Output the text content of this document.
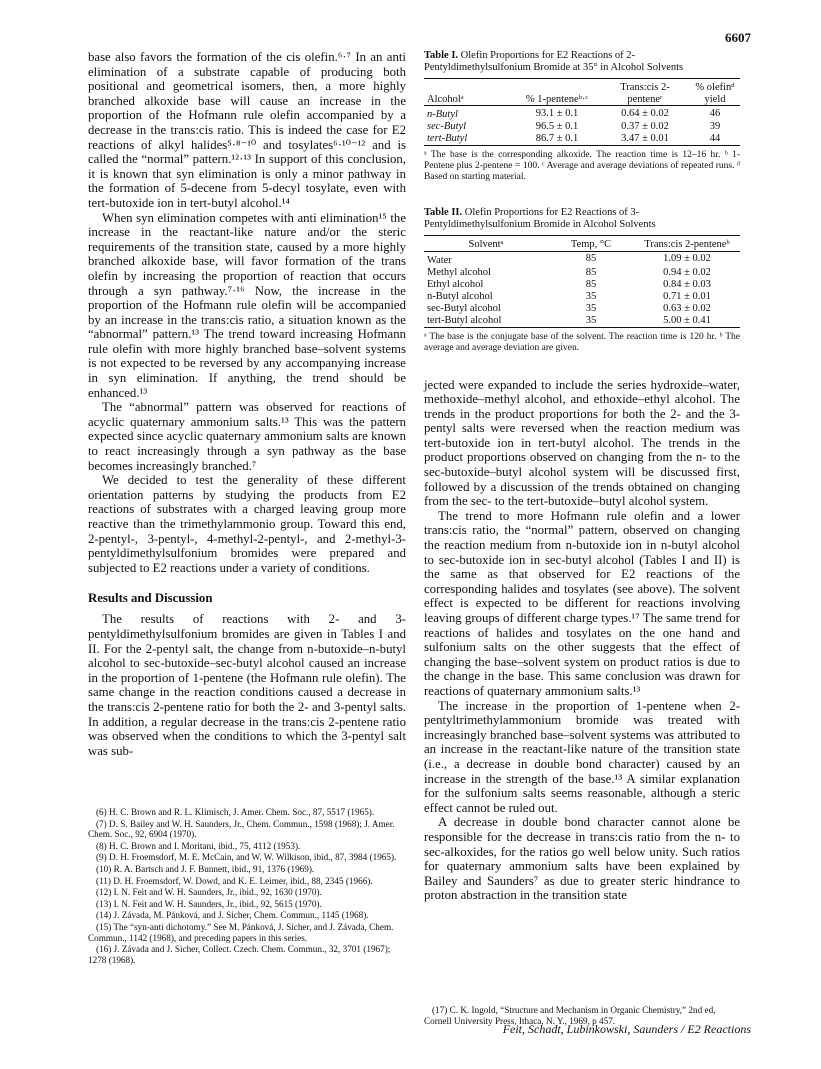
6607

base also favors the formation of the cis olefin.⁶·⁷ In an anti elimination of a substrate capable of producing both positional and geometrical isomers, then, a more highly branched alkoxide base will cause an increase in the proportion of the Hofmann rule olefin accompanied by a decrease in the trans:cis ratio. This is indeed the case for E2 reactions of alkyl halides⁵·⁸⁻¹⁰ and tosylates⁶·¹⁰⁻¹² and is called the “normal” pattern.¹²·¹³ In support of this conclusion, it is known that syn elimination is only a minor pathway in the formation of 5-decene from 5-decyl tosylate, even with tert-butoxide ion in tert-butyl alcohol.¹⁴

When syn elimination competes with anti elimination¹⁵ the increase in the reactant-like nature and/or the steric requirements of the transition state, caused by a more highly branched alkoxide base, will favor formation of the trans olefin by increasing the proportion of reaction that occurs through a syn pathway.⁷·¹⁶ Now, the increase in the proportion of the Hofmann rule olefin will be accompanied by an increase in the trans:cis ratio, a situation known as the “abnormal” pattern.¹³ The trend toward increasing Hofmann rule olefin with more highly branched base–solvent systems is not expected to be reversed by any accompanying increase in syn elimination. If anything, the trend should be enhanced.¹³

The “abnormal” pattern was observed for reactions of acyclic quaternary ammonium salts.¹³ This was the pattern expected since acyclic quaternary ammonium salts are known to react increasingly through a syn pathway as the base becomes increasingly branched.⁷

We decided to test the generality of these different orientation patterns by studying the products from E2 reactions of substrates with a charged leaving group more reactive than the trimethylammonio group. Toward this end, 2-pentyl-, 3-pentyl-, 4-methyl-2-pentyl-, and 2-methyl-3-pentyldimethylsulfonium bromides were prepared and subjected to E2 reactions under a variety of conditions.

Results and Discussion

The results of reactions with 2- and 3-pentyldimethylsulfonium bromides are given in Tables I and II. For the 2-pentyl salt, the change from n-butoxide–n-butyl alcohol to sec-butoxide–sec-butyl alcohol caused an increase in the proportion of 1-pentene (the Hofmann rule olefin). The same change in the reaction conditions caused a decrease in the trans:cis 2-pentene ratio for both the 2- and 3-pentyl salts. In addition, a regular decrease in the trans:cis 2-pentene ratio was observed when the conditions to which the 3-pentyl salt was sub-

(6) H. C. Brown and R. L. Klimisch, J. Amer. Chem. Soc., 87, 5517 (1965).

(7) D. S. Bailey and W. H. Saunders, Jr., Chem. Commun., 1598 (1968); J. Amer. Chem. Soc., 92, 6904 (1970).

(8) H. C. Brown and I. Moritani, ibid., 75, 4112 (1953).

(9) D. H. Froemsdorf, M. E. McCain, and W. W. Wilkison, ibid., 87, 3984 (1965).

(10) R. A. Bartsch and J. F. Bunnett, ibid., 91, 1376 (1969).

(11) D. H. Froemsdorf, W. Dowd, and K. E. Leimer, ibid., 88, 2345 (1966).

(12) I. N. Feit and W. H. Saunders, Jr., ibid., 92, 1630 (1970).

(13) I. N. Feit and W. H. Saunders, Jr., ibid., 92, 5615 (1970).

(14) J. Závada, M. Pánková, and J. Sicher, Chem. Commun., 1145 (1968).

(15) The “syn-anti dichotomy.” See M. Pánková, J. Sicher, and J. Závada, Chem. Commun., 1142 (1968), and preceding papers in this series.

(16) J. Závada and J. Sicher, Collect. Czech. Chem. Commun., 32, 3701 (1967); 1278 (1968).

Table I. Olefin Proportions for E2 Reactions of 2-Pentyldimethylsulfonium Bromide at 35° in Alcohol Solvents
Alcoholᵃ	% 1-penteneᵇ·ᶜ	Trans:cis 2-penteneᶜ	% olefinᵈ yield
n-Butyl	93.1 ± 0.1	0.64 ± 0.02	46
sec-Butyl	96.5 ± 0.1	0.37 ± 0.02	39
tert-Butyl	86.7 ± 0.1	3.47 ± 0.01	44
ᵃ The base is the corresponding alkoxide. The reaction time is 12–16 hr. ᵇ 1-Pentene plus 2-pentene = 100. ᶜ Average and average deviations of repeated runs. ᵈ Based on starting material.
Table II. Olefin Proportions for E2 Reactions of 3-Pentyldimethylsulfonium Bromide in Alcohol Solvents
Solventᵃ	Temp, °C	Trans:cis 2-penteneᵇ
Water	85	1.09 ± 0.02
Methyl alcohol	85	0.94 ± 0.02
Ethyl alcohol	85	0.84 ± 0.03
n-Butyl alcohol	35	0.71 ± 0.01
sec-Butyl alcohol	35	0.63 ± 0.02
tert-Butyl alcohol	35	5.00 ± 0.41
ᵃ The base is the conjugate base of the solvent. The reaction time is 120 hr. ᵇ The average and average deviation are given.

jected were expanded to include the series hydroxide–water, methoxide–methyl alcohol, and ethoxide–ethyl alcohol. The trends in the product proportions for both the 2- and the 3-pentyl salts were reversed when the reaction medium was tert-butoxide ion in tert-butyl alcohol. The trends in the product proportions observed on changing from the n- to the sec-butoxide–butyl alcohol system will be discussed first, followed by a discussion of the trends obtained on changing from the sec- to the tert-butoxide–butyl alcohol system.

The trend to more Hofmann rule olefin and a lower trans:cis ratio, the “normal” pattern, observed on changing the reaction medium from n-butoxide ion in n-butyl alcohol to sec-butoxide ion in sec-butyl alcohol (Tables I and II) is the same as that observed for E2 reactions of the corresponding halides and tosylates (see above). The solvent effect is expected to be different for reactions involving leaving groups of different charge types.¹⁷ The same trend for reactions of halides and tosylates on the one hand and sulfonium salts on the other suggests that the effect of changing the base–solvent system on product ratios is due to the change in the base. This same conclusion was drawn for reactions of quaternary ammonium salts.¹³

The increase in the proportion of 1-pentene when 2-pentyltrimethylammonium bromide was treated with increasingly branched base–solvent systems was attributed to an increase in the reactant-like nature of the transition state (i.e., a decrease in double bond character) caused by an increase in the strength of the base.¹³ A similar explanation for the sulfonium salts seems reasonable, although a steric effect cannot be ruled out.

A decrease in double bond character cannot alone be responsible for the decrease in trans:cis ratio from the n- to sec-alkoxides, for the ratios go well below unity. Such ratios for quaternary ammonium salts have been explained by Bailey and Saunders⁷ as due to greater steric hindrance to proton abstraction in the transition state

(17) C. K. Ingold, “Structure and Mechanism in Organic Chemistry,” 2nd ed, Cornell University Press, Ithaca, N. Y., 1969, p 457.

Feit, Schadt, Lubinkowski, Saunders / E2 Reactions
